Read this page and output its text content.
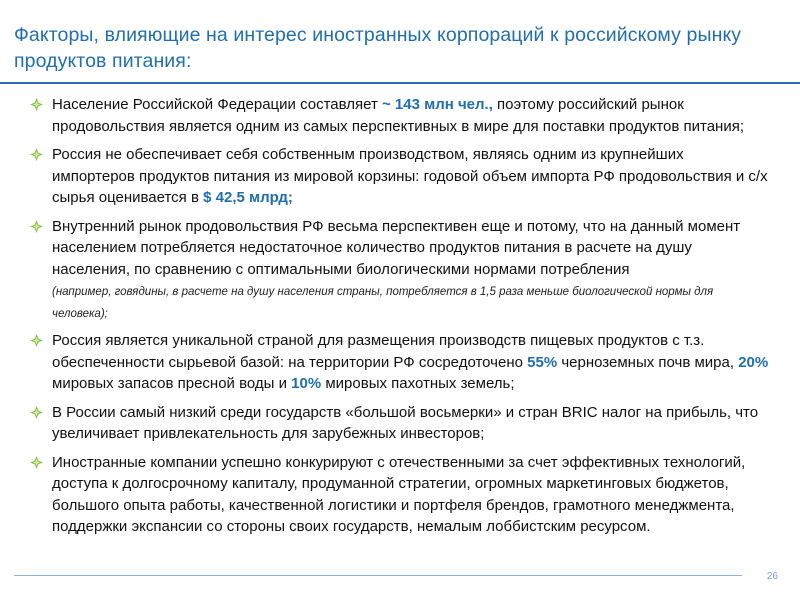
Факторы, влияющие на интерес иностранных корпораций к российскому рынку продуктов питания:
Население Российской Федерации составляет ~ 143 млн чел., поэтому российский рынок продовольствия является одним из самых перспективных в мире для поставки продуктов питания;
Россия не обеспечивает себя собственным производством, являясь одним из крупнейших импортеров продуктов питания из мировой корзины: годовой объем импорта РФ продовольствия и с/х сырья оценивается в $ 42,5 млрд;
Внутренний рынок продовольствия РФ весьма перспективен еще и потому, что на данный момент населением потребляется недостаточное количество продуктов питания в расчете на душу населения, по сравнению с оптимальными биологическими нормами потребления
(например, говядины, в расчете на душу населения страны, потребляется в 1,5 раза меньше биологической нормы для человека);
Россия является уникальной страной для размещения производств пищевых продуктов с т.з. обеспеченности сырьевой базой: на территории РФ сосредоточено 55% черноземных почв мира, 20% мировых запасов пресной воды и 10% мировых пахотных земель;
В России самый низкий среди государств «большой восьмерки» и стран BRIC налог на прибыль, что увеличивает привлекательность для зарубежных инвесторов;
Иностранные компании успешно конкурируют с отечественными за счет эффективных технологий, доступа к долгосрочному капиталу, продуманной стратегии, огромных маркетинговых бюджетов, большого опыта работы, качественной логистики и портфеля брендов, грамотного менеджмента, поддержки экспансии со стороны своих государств, немалым лоббистским ресурсом.
26
